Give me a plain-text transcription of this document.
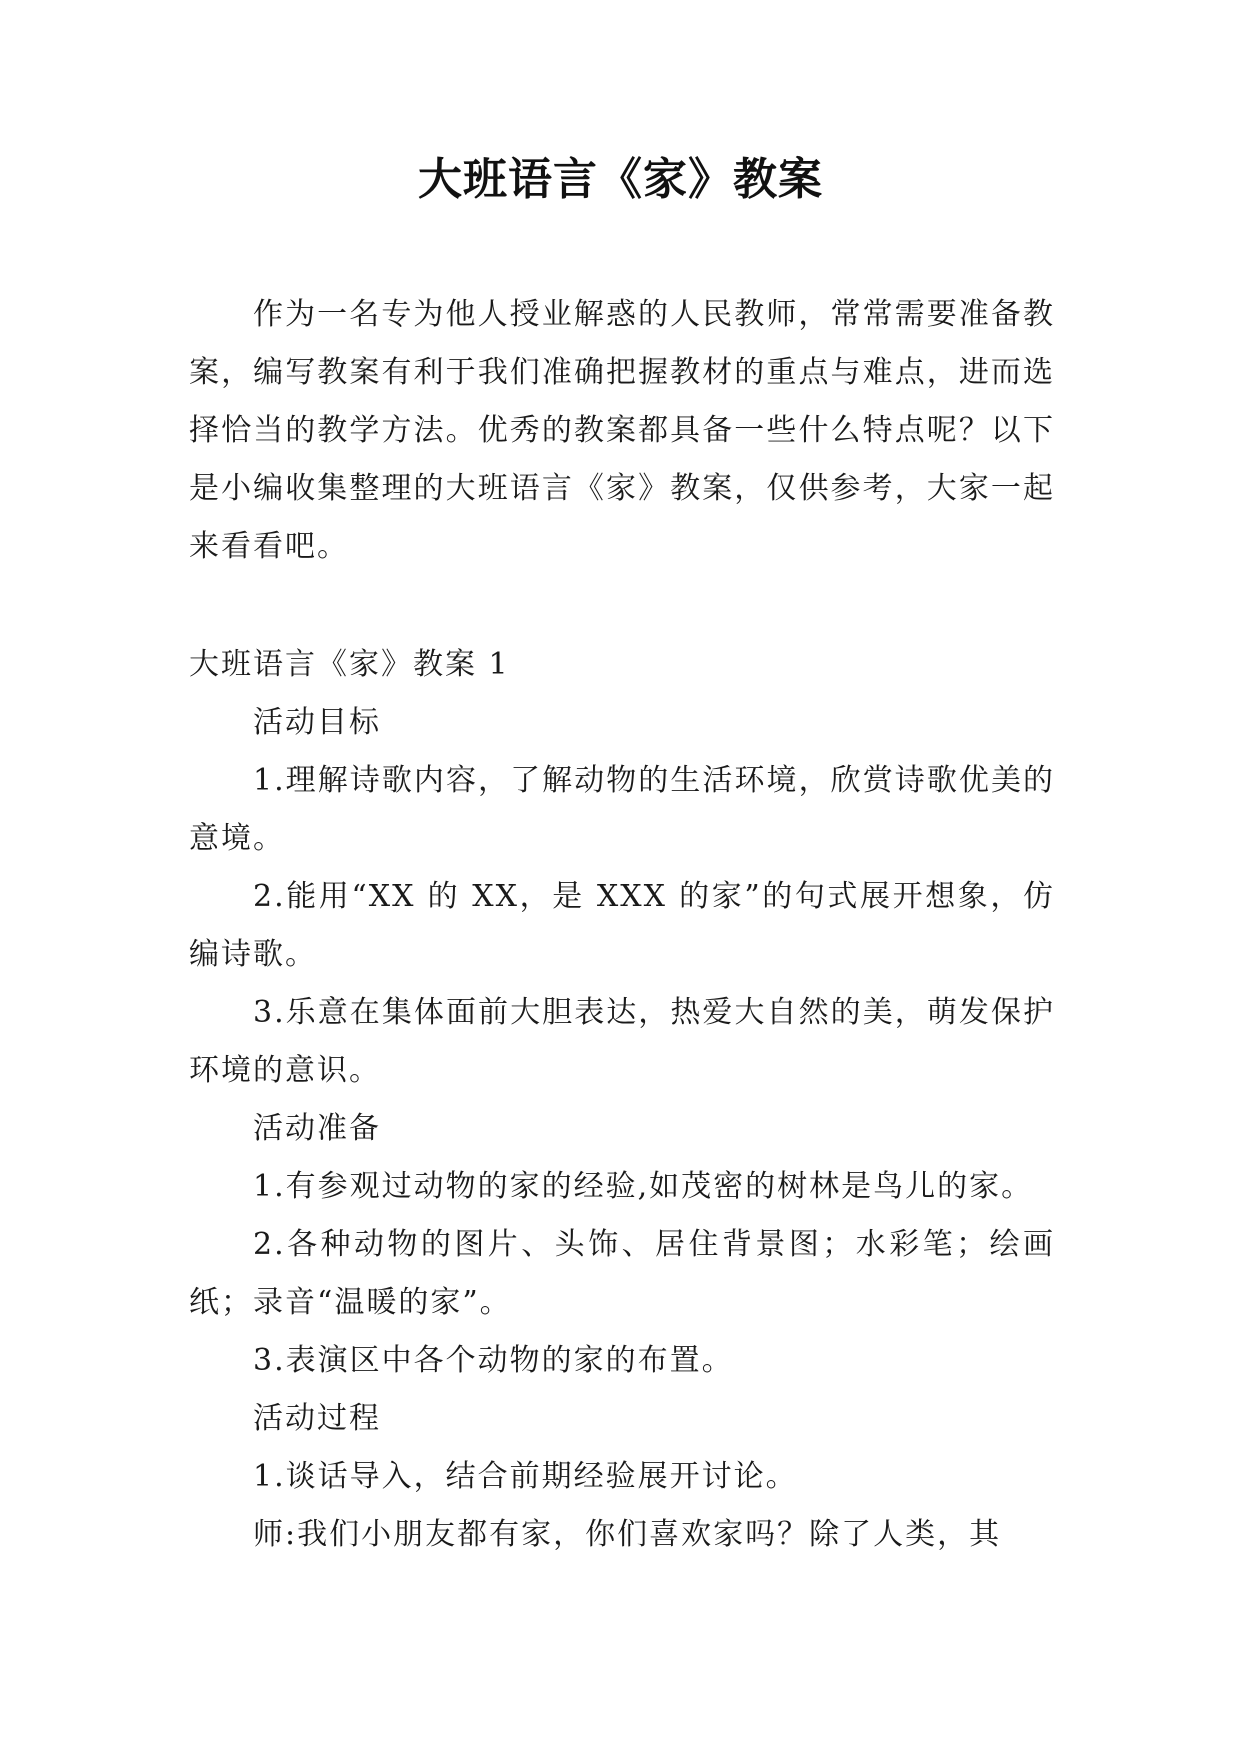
大班语言《家》教案

作为一名专为他人授业解惑的人民教师，常常需要准备教案，编写教案有利于我们准确把握教材的重点与难点，进而选择恰当的教学方法。优秀的教案都具备一些什么特点呢？以下是小编收集整理的大班语言《家》教案，仅供参考，大家一起来看看吧。

大班语言《家》教案 1

活动目标

1.理解诗歌内容，了解动物的生活环境，欣赏诗歌优美的意境。

2.能用“XX 的 XX，是 XXX 的家”的句式展开想象，仿编诗歌。

3.乐意在集体面前大胆表达，热爱大自然的美，萌发保护环境的意识。

活动准备

1.有参观过动物的家的经验,如茂密的树林是鸟儿的家。

2.各种动物的图片、头饰、居住背景图；水彩笔；绘画纸；录音“温暖的家”。

3.表演区中各个动物的家的布置。

活动过程

1.谈话导入，结合前期经验展开讨论。

师:我们小朋友都有家，你们喜欢家吗？除了人类，其
